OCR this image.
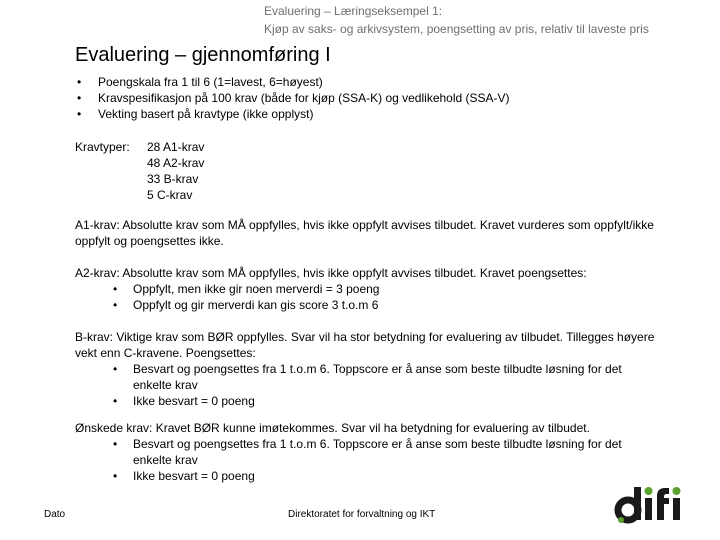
Evaluering – Læringseksempel 1:
Kjøp av saks- og arkivsystem, poengsetting av pris, relativ til laveste pris
Evaluering – gjennomføring I
• Poengskala fra 1 til 6 (1=lavest, 6=høyest)
• Kravspesifikasjon på 100 krav (både for kjøp (SSA-K) og vedlikehold (SSA-V)
• Vekting basert på kravtype (ikke opplyst)
Kravtyper: 28 A1-krav
48 A2-krav
33 B-krav
5 C-krav

A1-krav: Absolutte krav som MÅ oppfylles, hvis ikke oppfylt avvises tilbudet. Kravet vurderes som oppfylt/ikke oppfylt og poengsettes ikke.

A2-krav: Absolutte krav som MÅ oppfylles, hvis ikke oppfylt avvises tilbudet. Kravet poengsettes:

• Oppfylt, men ikke gir noen merverdi = 3 poeng
• Oppfylt og gir merverdi kan gis score 3 t.o.m 6

B-krav: Viktige krav som BØR oppfylles. Svar vil ha stor betydning for evaluering av tilbudet. Tillegges høyere vekt enn C-kravene. Poengsettes:

• Besvart og poengsettes fra 1 t.o.m 6. Toppscore er å anse som beste tilbudte løsning for det enkelte krav
• Ikke besvart = 0 poeng

Ønskede krav: Kravet BØR kunne imøtekommes. Svar vil ha betydning for evaluering av tilbudet.

• Besvart og poengsettes fra 1 t.o.m 6. Toppscore er å anse som beste tilbudte løsning for det enkelte krav
• Ikke besvart = 0 poeng
Dato	Direktoratet for forvaltning og IKT
